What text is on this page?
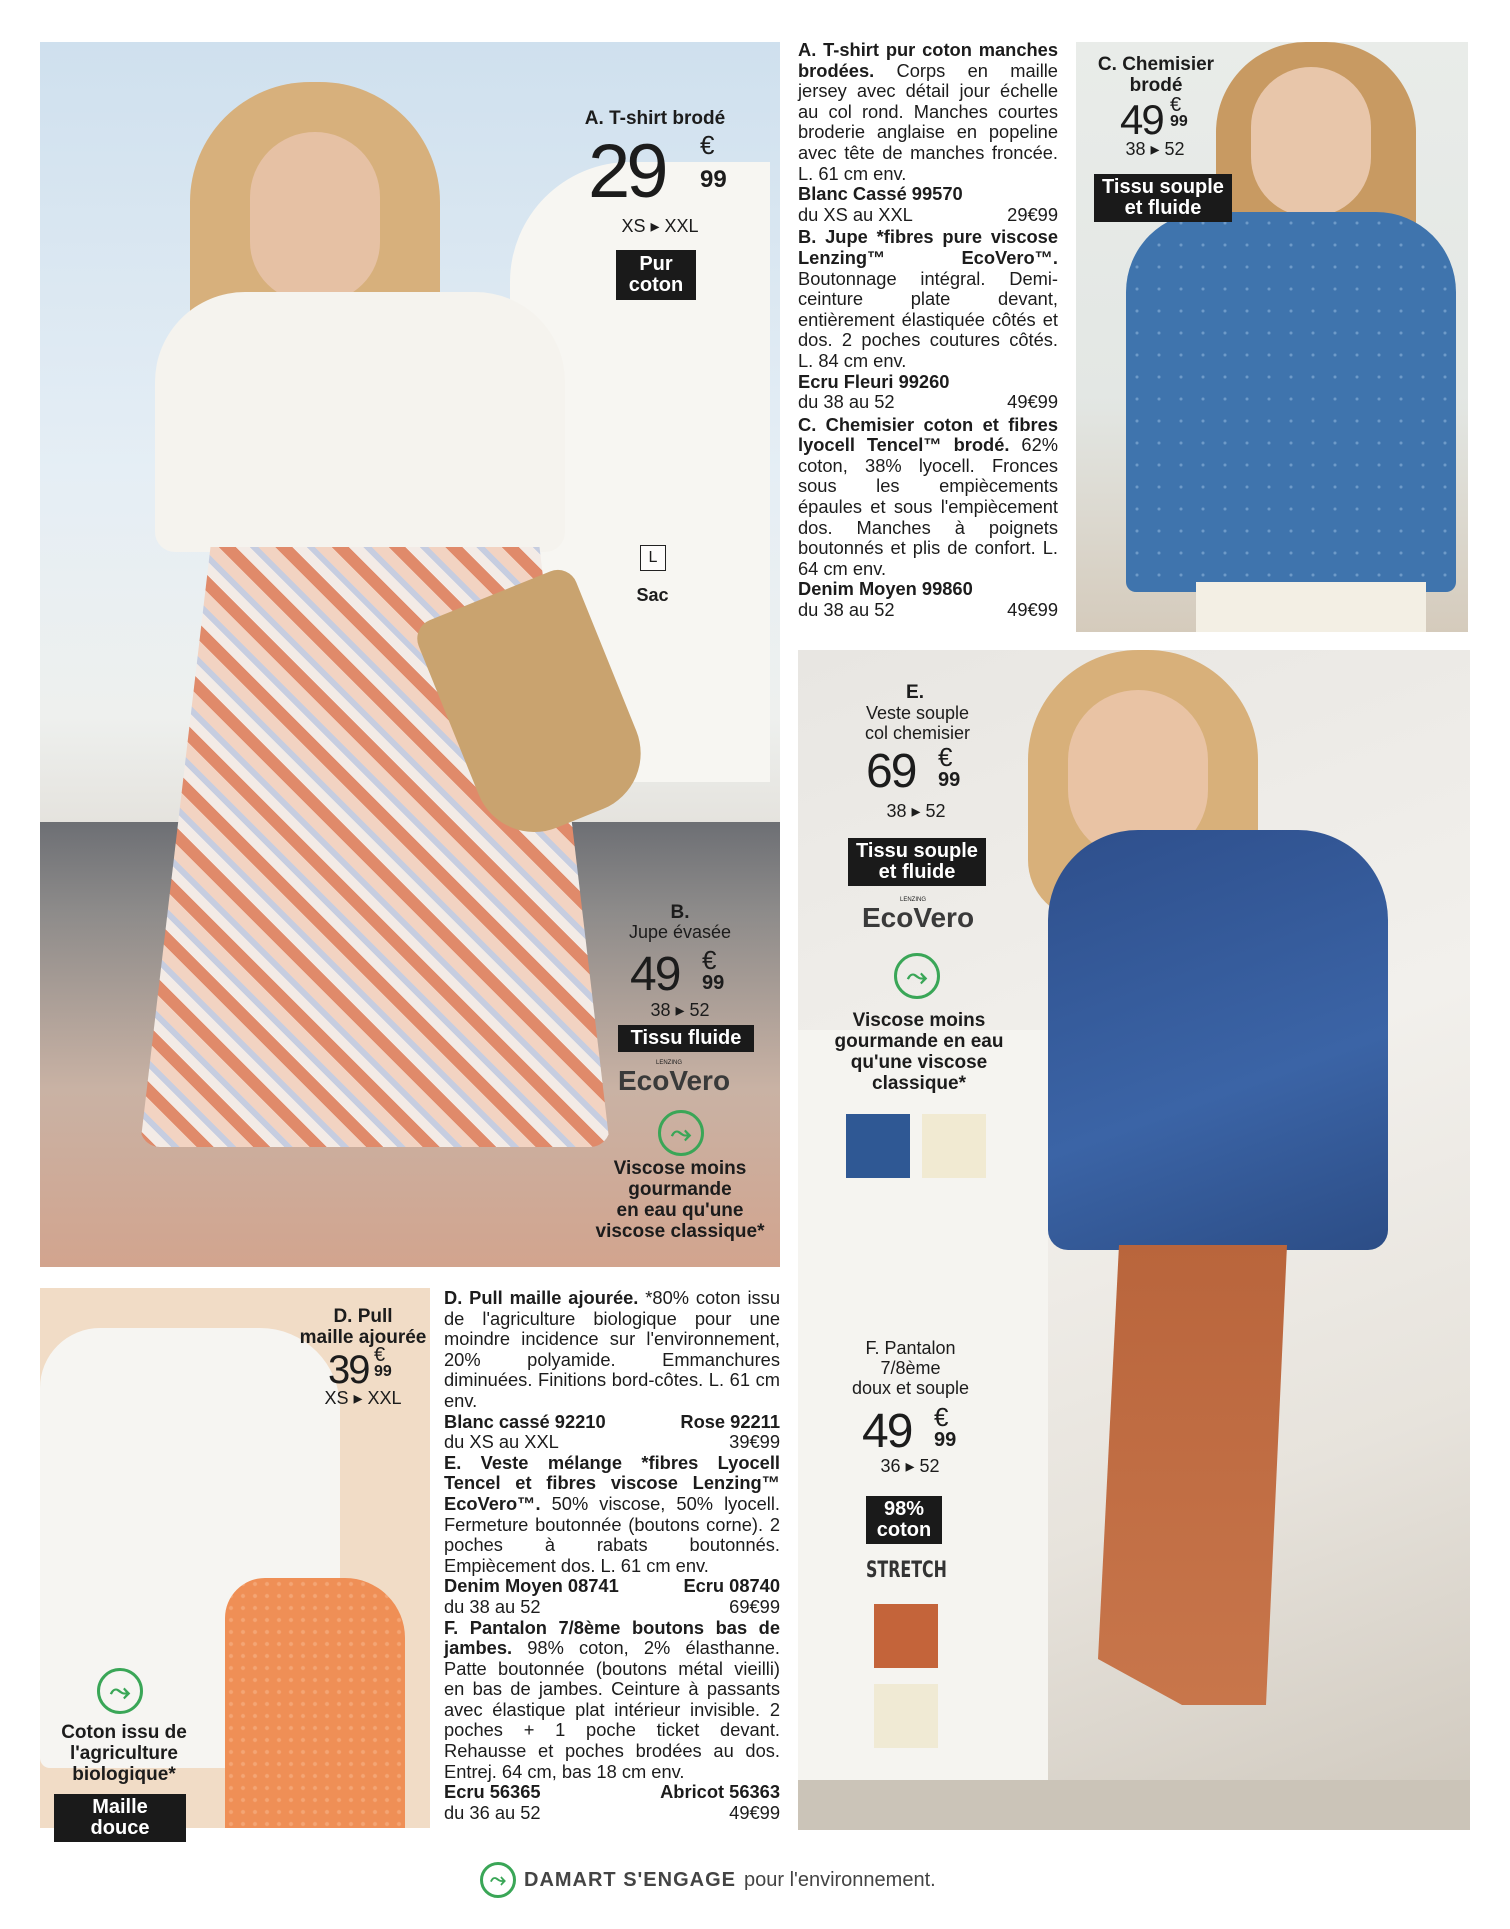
A. T-shirt brodé
29 €
99
XS ▸ XXL
Pur
coton
L
Sac
B.
Jupe évasée
49 €
99
38 ▸ 52
Tissu fluide
LENZING
EcoVero
⤳
Viscose moins
gourmande
en eau qu'une
viscose classique*
A. T-shirt pur coton manches brodées. Corps en maille jersey avec détail jour échelle au col rond. Manches courtes broderie anglaise en popeline avec tête de manches froncée. L. 61 cm env.
Blanc Cassé 99570
du XS au XXL	29€99
B. Jupe *fibres pure viscose Lenzing™ EcoVero™. Boutonnage intégral. Demi-ceinture plate devant, entièrement élastiquée côtés et dos. 2 poches coutures côtés. L. 84 cm env.
Ecru Fleuri 99260
du 38 au 52	49€99
C. Chemisier coton et fibres lyocell Tencel™ brodé. 62% coton, 38% lyocell. Fronces sous les empiècements épaules et sous l'empiècement dos. Manches à poignets boutonnés et plis de confort. L. 64 cm env.
Denim Moyen 99860
du 38 au 52	49€99
C. Chemisier
brodé
49 €
99
38 ▸ 52
Tissu souple
et fluide
E.
Veste souple
col chemisier
69 €
99
38 ▸ 52
Tissu souple
et fluide
LENZING
EcoVero
⤳
Viscose moins
gourmande en eau
qu'une viscose
classique*
F. Pantalon
7/8ème
doux et souple
49 €
99
36 ▸ 52
98%
coton
STRETCH
D. Pull
maille ajourée
39 €
99
XS ▸ XXL
⤳
Coton issu de
l'agriculture
biologique*
Maille douce
D. Pull maille ajourée. *80% coton issu de l'agriculture biologique pour une moindre incidence sur l'environnement, 20% polyamide. Emmanchures diminuées. Finitions bord-côtes. L. 61 cm env.
Blanc cassé 92210	Rose 92211
du XS au XXL	39€99
E. Veste mélange *fibres Lyocell Tencel et fibres viscose Lenzing™ EcoVero™. 50% viscose, 50% lyocell. Fermeture boutonnée (boutons corne). 2 poches à rabats boutonnés. Empiècement dos. L. 61 cm env.
Denim Moyen 08741	Ecru 08740
du 38 au 52	69€99
F. Pantalon 7/8ème boutons bas de jambes. 98% coton, 2% élasthanne. Patte boutonnée (boutons métal vieilli) en bas de jambes. Ceinture à passants avec élastique plat intérieur invisible. 2 poches + 1 poche ticket devant. Rehausse et poches brodées au dos. Entrej. 64 cm, bas 18 cm env.
Ecru 56365	Abricot 56363
du 36 au 52	49€99
⤳ DAMART S'ENGAGE pour l'environnement.
